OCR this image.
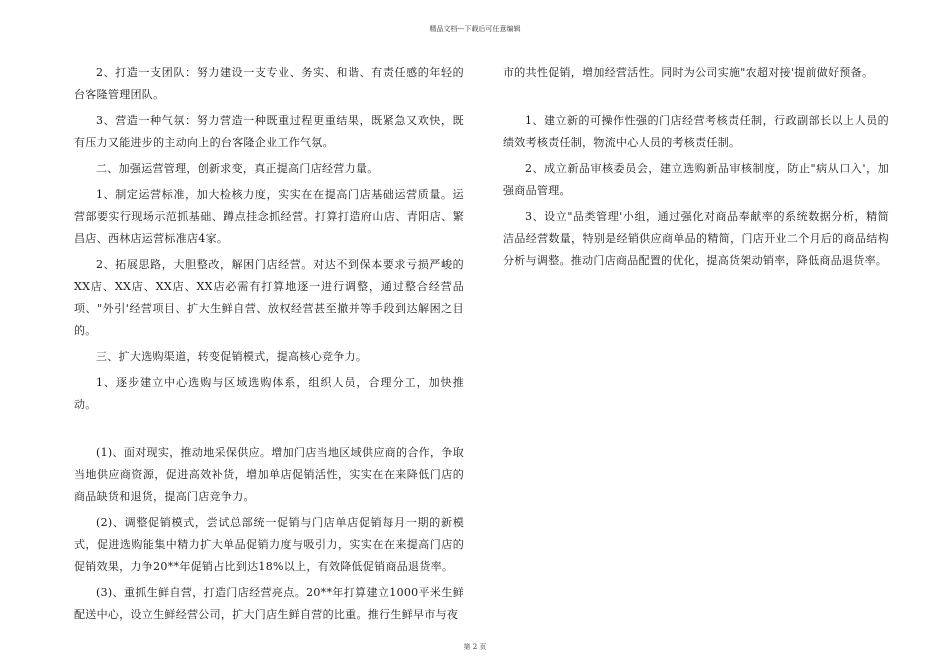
精品文档---下载后可任意编辑

2、打造一支团队：努力建设一支专业、务实、和谐、有责任感的年轻的台客隆管理团队。

3、营造一种气氛：努力营造一种既重过程更重结果，既紧急又欢快，既有压力又能进步的主动向上的台客隆企业工作气氛。

二、加强运营管理，创新求变，真正提高门店经营力量。

1、制定运营标准，加大检核力度，实实在在提高门店基础运营质量。运营部要实行现场示范抓基础、蹲点挂念抓经营。打算打造府山店、青阳店、繁昌店、西林店运营标准店4家。

2、拓展思路，大胆整改，解困门店经营。对达不到保本要求亏损严峻的XX店、XX店、XX店、XX店必需有打算地逐一进行调整，通过整合经营品项、"外引'经营项目、扩大生鲜自营、放权经营甚至撤并等手段到达解困之目的。

三、扩大选购渠道，转变促销模式，提高核心竞争力。

1、逐步建立中心选购与区域选购体系，组织人员，合理分工，加快推动。

(1)、面对现实，推动地采保供应。增加门店当地区域供应商的合作，争取当地供应商资源，促进高效补货，增加单店促销活性，实实在在来降低门店的商品缺货和退货，提高门店竞争力。

(2)、调整促销模式，尝试总部统一促销与门店单店促销每月一期的新模式，促进选购能集中精力扩大单品促销力度与吸引力，实实在在来提高门店的促销效果，力争20**年促销占比到达18%以上，有效降低促销商品退货率。

(3)、重抓生鲜自营，打造门店经营亮点。20**年打算建立1000平米生鲜配送中心，设立生鲜经营公司，扩大门店生鲜自营的比重。推行生鲜早市与夜

市的共性促销，增加经营活性。同时为公司实施"农超对接'提前做好预备。

1、建立新的可操作性强的门店经营考核责任制，行政副部长以上人员的绩效考核责任制，物流中心人员的考核责任制。

2、成立新品审核委员会，建立选购新品审核制度，防止"病从口入'，加强商品管理。

3、设立"品类管理'小组，通过强化对商品奉献率的系统数据分析，精简洁品经营数量，特别是经销供应商单品的精简，门店开业二个月后的商品结构分析与调整。推动门店商品配置的优化，提高货架动销率，降低商品退货率。

第 2 页
